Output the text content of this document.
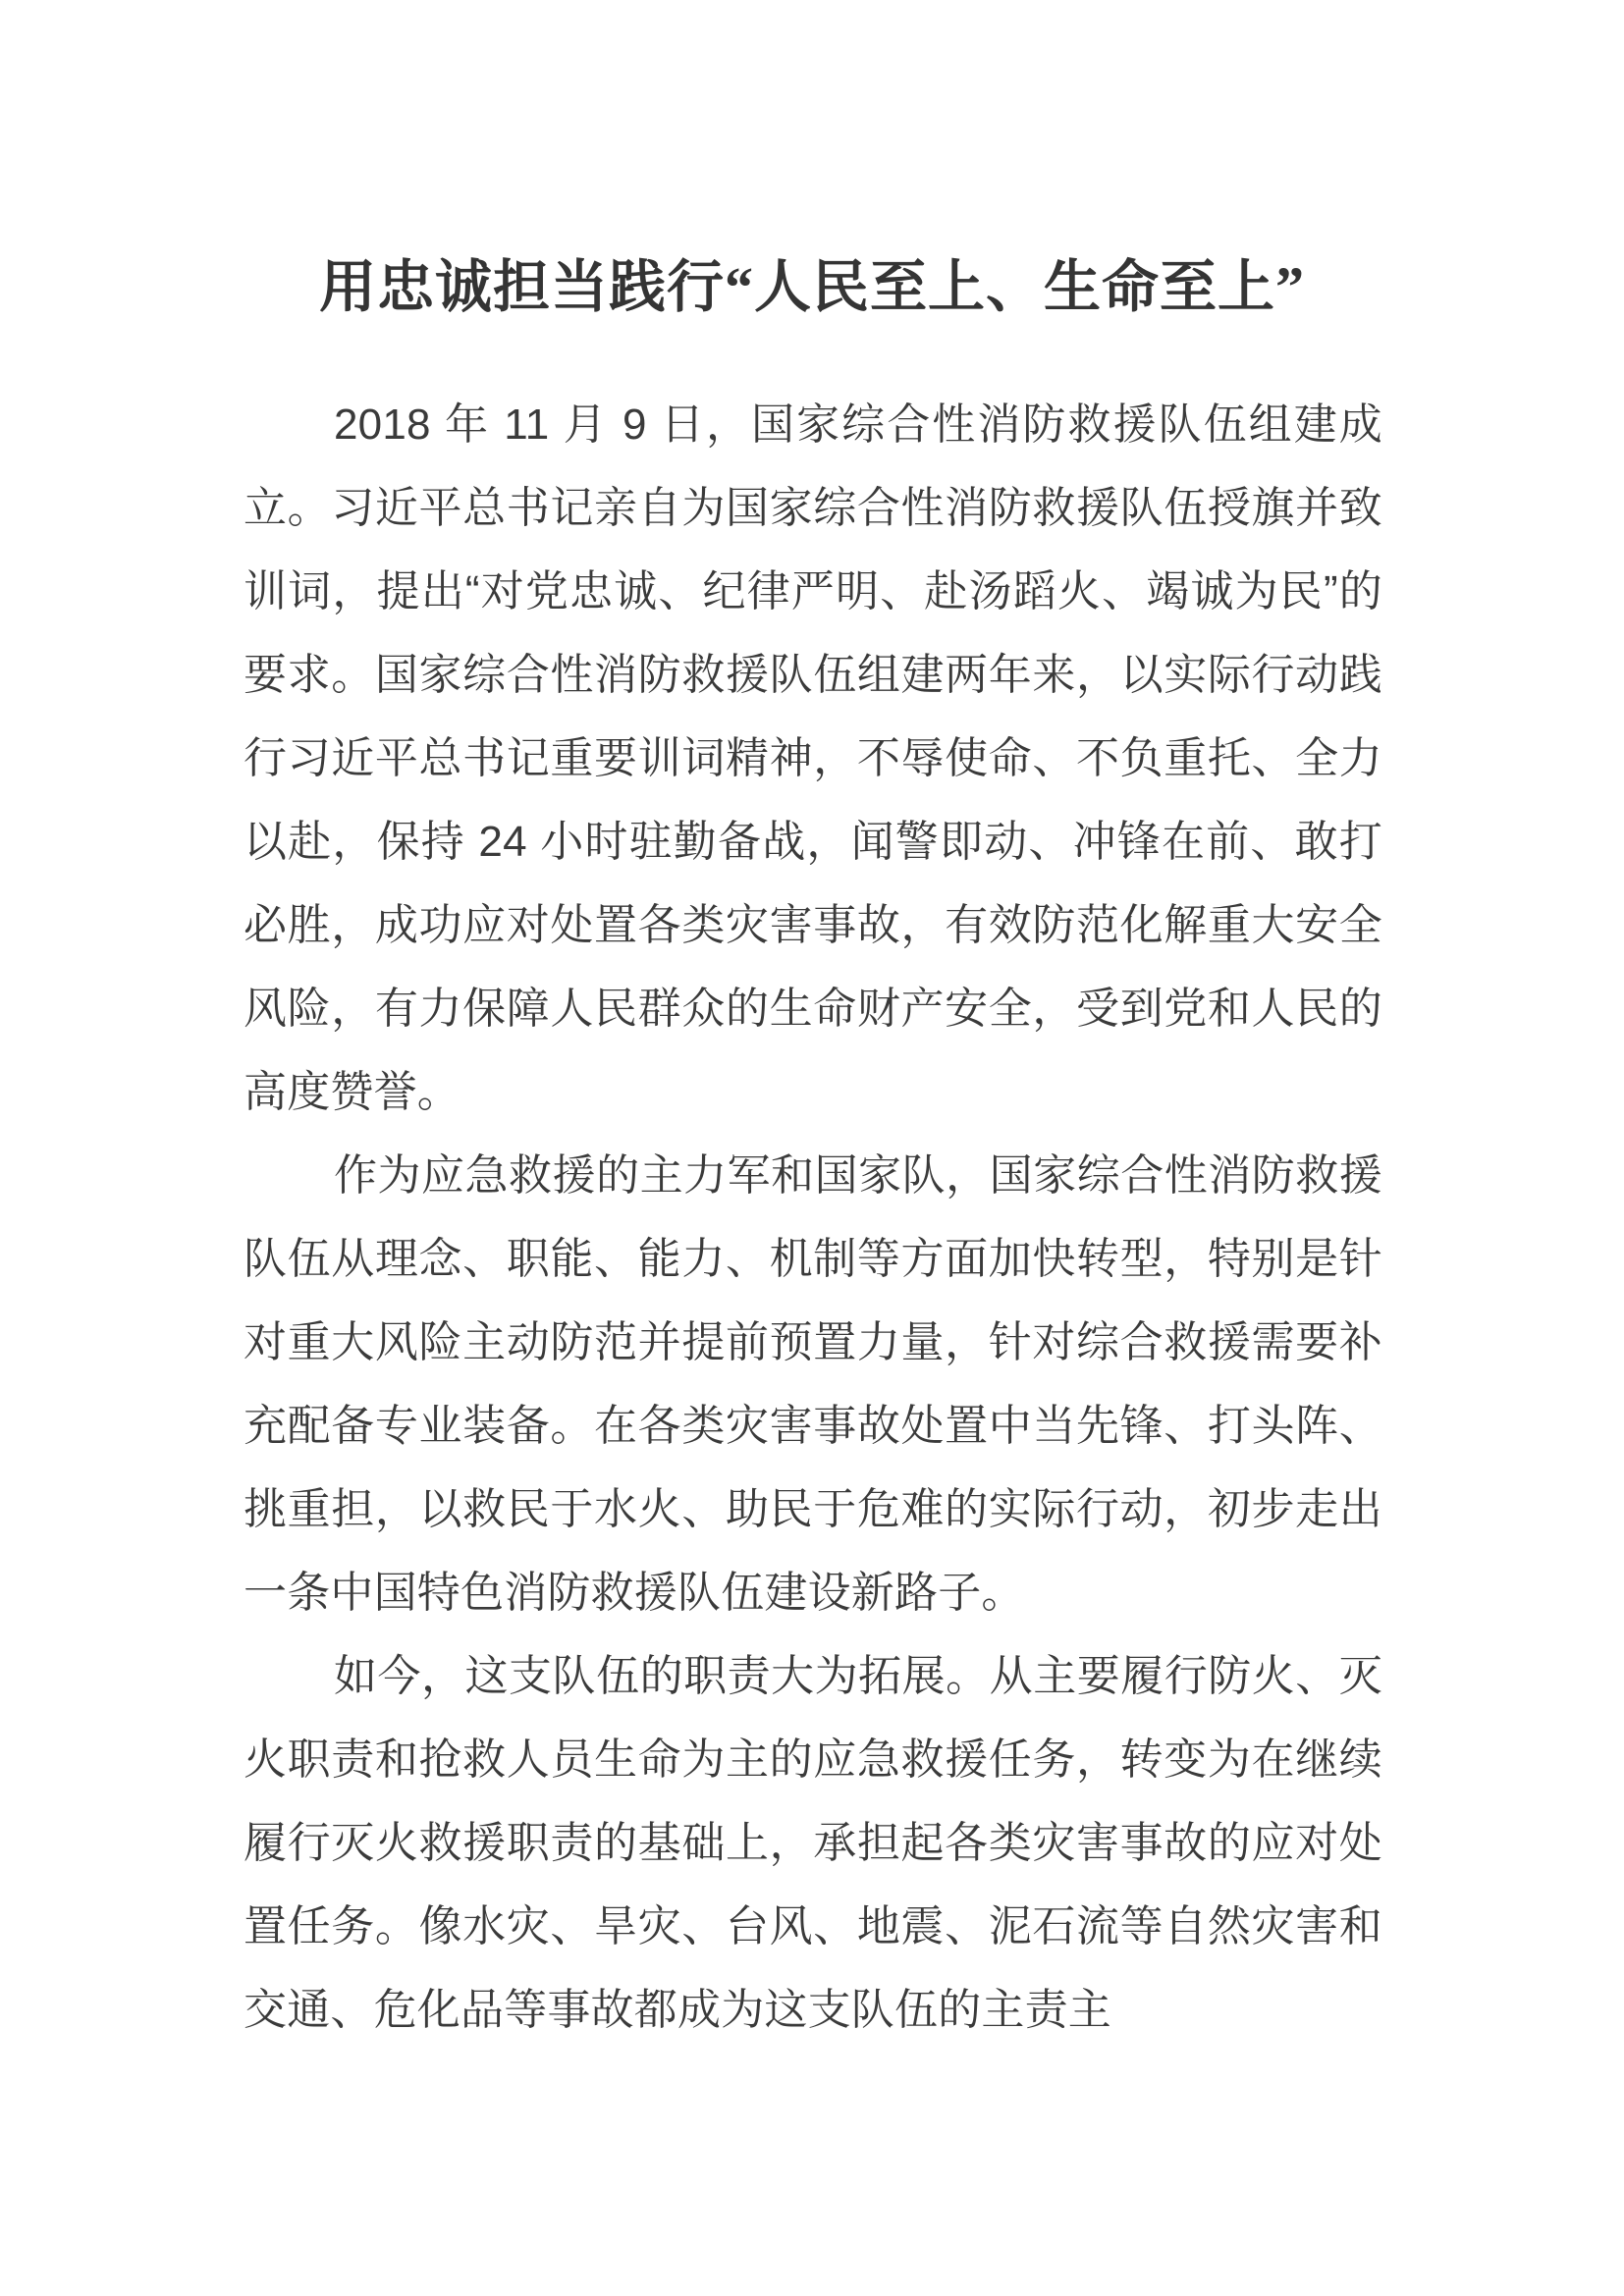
用忠诚担当践行“人民至上、生命至上”

2018 年 11 月 9 日，国家综合性消防救援队伍组建成立。习近平总书记亲自为国家综合性消防救援队伍授旗并致训词，提出“对党忠诚、纪律严明、赴汤蹈火、竭诚为民”的要求。国家综合性消防救援队伍组建两年来，以实际行动践行习近平总书记重要训词精神，不辱使命、不负重托、全力以赴，保持 24 小时驻勤备战，闻警即动、冲锋在前、敢打必胜，成功应对处置各类灾害事故，有效防范化解重大安全风险，有力保障人民群众的生命财产安全，受到党和人民的高度赞誉。

作为应急救援的主力军和国家队，国家综合性消防救援队伍从理念、职能、能力、机制等方面加快转型，特别是针对重大风险主动防范并提前预置力量，针对综合救援需要补充配备专业装备。在各类灾害事故处置中当先锋、打头阵、挑重担，以救民于水火、助民于危难的实际行动，初步走出一条中国特色消防救援队伍建设新路子。

如今，这支队伍的职责大为拓展。从主要履行防火、灭火职责和抢救人员生命为主的应急救援任务，转变为在继续履行灭火救援职责的基础上，承担起各类灾害事故的应对处置任务。像水灾、旱灾、台风、地震、泥石流等自然灾害和交通、危化品等事故都成为这支队伍的主责主
